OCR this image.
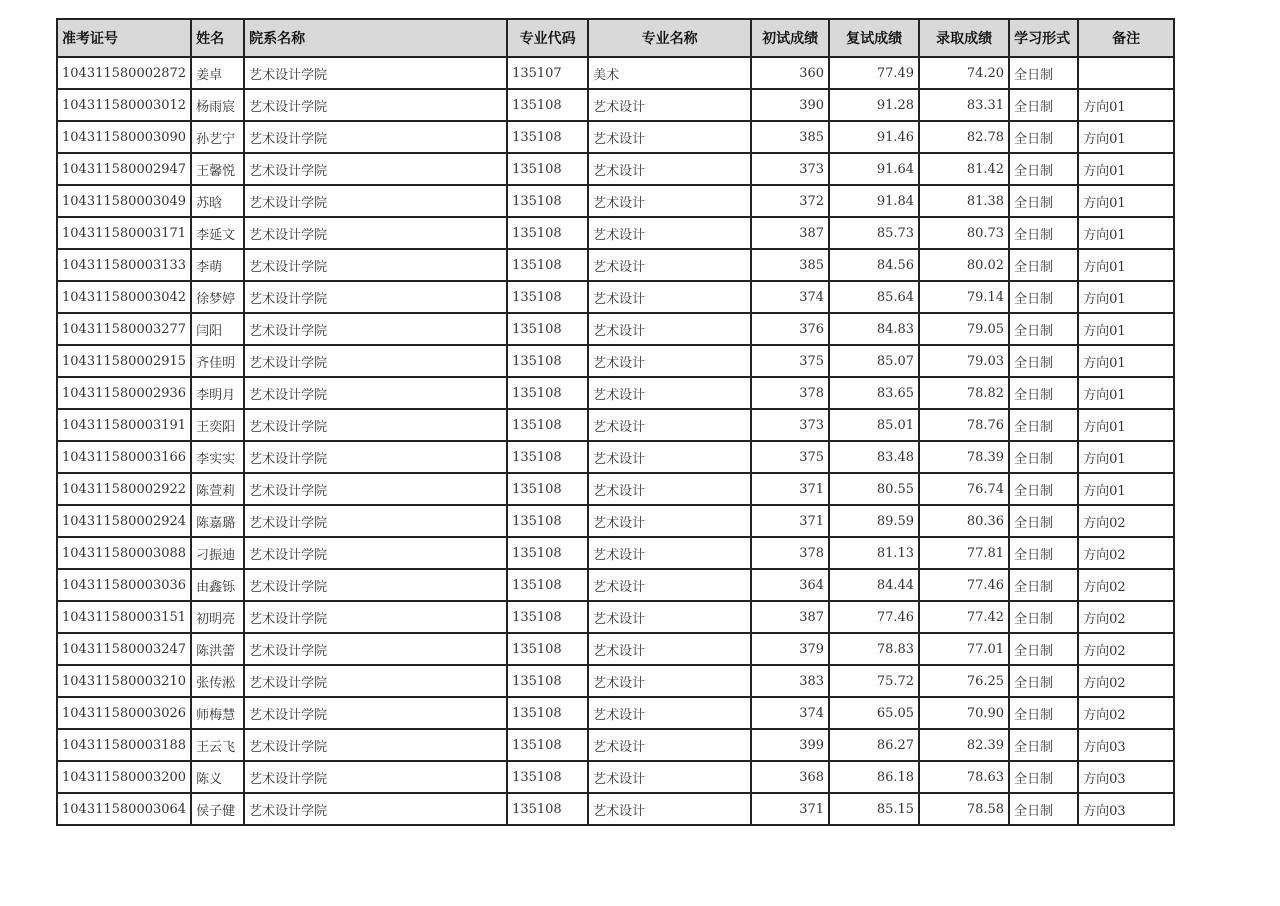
准考证号	姓名	院系名称	专业代码	专业名称	初试成绩	复试成绩	录取成绩	学习形式	备注
104311580002872	姜卓	艺术设计学院	135107	美术	360	77.49	74.20	全日制	
104311580003012	杨雨宸	艺术设计学院	135108	艺术设计	390	91.28	83.31	全日制	方向01
104311580003090	孙艺宁	艺术设计学院	135108	艺术设计	385	91.46	82.78	全日制	方向01
104311580002947	王馨悦	艺术设计学院	135108	艺术设计	373	91.64	81.42	全日制	方向01
104311580003049	苏晗	艺术设计学院	135108	艺术设计	372	91.84	81.38	全日制	方向01
104311580003171	李延文	艺术设计学院	135108	艺术设计	387	85.73	80.73	全日制	方向01
104311580003133	李萌	艺术设计学院	135108	艺术设计	385	84.56	80.02	全日制	方向01
104311580003042	徐梦婷	艺术设计学院	135108	艺术设计	374	85.64	79.14	全日制	方向01
104311580003277	闫阳	艺术设计学院	135108	艺术设计	376	84.83	79.05	全日制	方向01
104311580002915	齐佳明	艺术设计学院	135108	艺术设计	375	85.07	79.03	全日制	方向01
104311580002936	李明月	艺术设计学院	135108	艺术设计	378	83.65	78.82	全日制	方向01
104311580003191	王奕阳	艺术设计学院	135108	艺术设计	373	85.01	78.76	全日制	方向01
104311580003166	李实实	艺术设计学院	135108	艺术设计	375	83.48	78.39	全日制	方向01
104311580002922	陈萱莉	艺术设计学院	135108	艺术设计	371	80.55	76.74	全日制	方向01
104311580002924	陈嘉璐	艺术设计学院	135108	艺术设计	371	89.59	80.36	全日制	方向02
104311580003088	刁振迪	艺术设计学院	135108	艺术设计	378	81.13	77.81	全日制	方向02
104311580003036	由鑫铄	艺术设计学院	135108	艺术设计	364	84.44	77.46	全日制	方向02
104311580003151	初明亮	艺术设计学院	135108	艺术设计	387	77.46	77.42	全日制	方向02
104311580003247	陈洪蕾	艺术设计学院	135108	艺术设计	379	78.83	77.01	全日制	方向02
104311580003210	张传淞	艺术设计学院	135108	艺术设计	383	75.72	76.25	全日制	方向02
104311580003026	师梅慧	艺术设计学院	135108	艺术设计	374	65.05	70.90	全日制	方向02
104311580003188	王云飞	艺术设计学院	135108	艺术设计	399	86.27	82.39	全日制	方向03
104311580003200	陈义	艺术设计学院	135108	艺术设计	368	86.18	78.63	全日制	方向03
104311580003064	侯子健	艺术设计学院	135108	艺术设计	371	85.15	78.58	全日制	方向03
